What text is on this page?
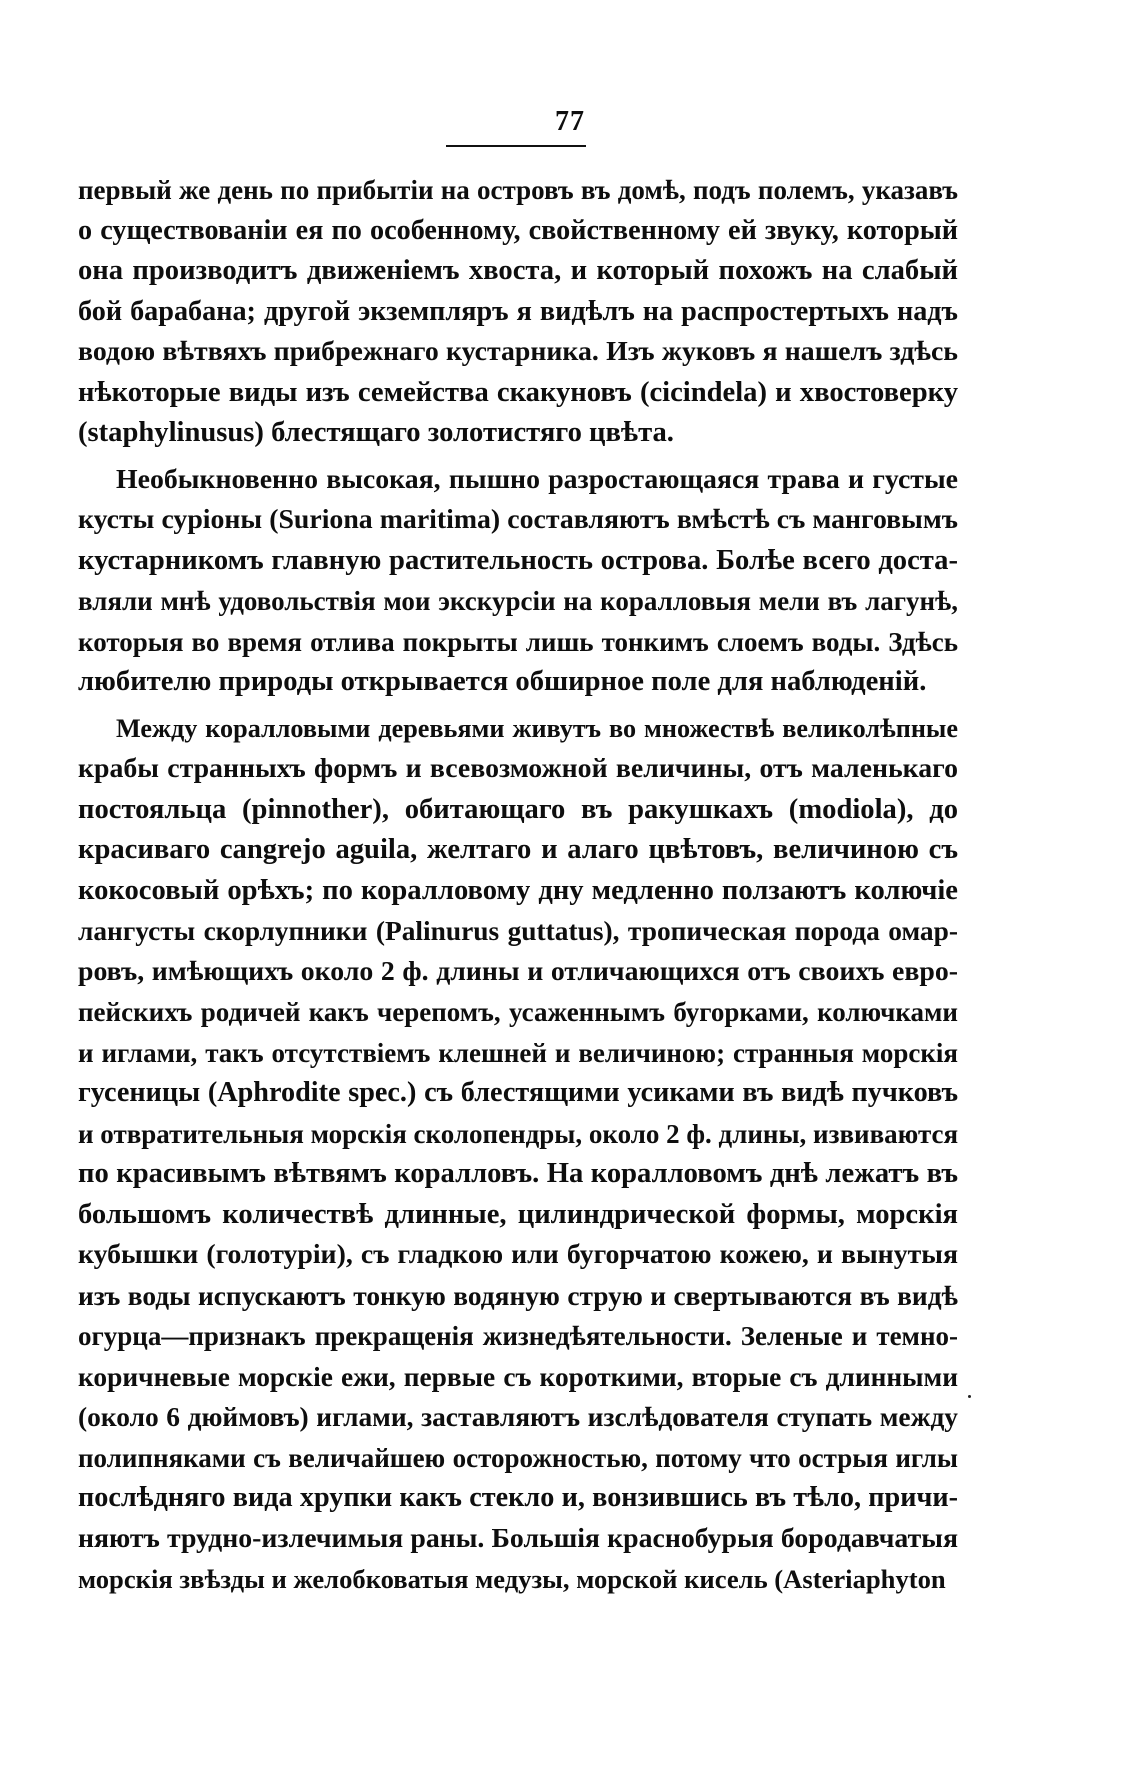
77
первый же день по прибытіи на островъ въ домѣ, подъ полемъ, указавъ
о существованіи ея по особенному, свойственному ей звуку, который
она производитъ движеніемъ хвоста, и который похожъ на слабый
бой барабана; другой экземпляръ я видѣлъ на распростертыхъ надъ
водою вѣтвяхъ прибрежнаго кустарника. Изъ жуковъ я нашелъ здѣсь
нѣкоторые виды изъ семейства скакуновъ (cicindela) и хвостоверку
(staphylinusus) блестящаго золотистяго цвѣта.
Необыкновенно высокая, пышно разростающаяся трава и густые
кусты суріоны (Suriona maritima) составляютъ вмѣстѣ съ манговымъ
кустарникомъ главную растительность острова. Болѣе всего доста-
вляли мнѣ удовольствія мои экскурсіи на коралловыя мели въ лагунѣ,
которыя во время отлива покрыты лишь тонкимъ слоемъ воды. Здѣсь
любителю природы открывается обширное поле для наблюденій.
Между коралловыми деревьями живутъ во множествѣ великолѣпные
крабы странныхъ формъ и всевозможной величины, отъ маленькаго
постояльца (pinnother), обитающаго въ ракушкахъ (modiola), до
красиваго cangrejo aguila, желтаго и алаго цвѣтовъ, величиною съ
кокосовый орѣхъ; по коралловому дну медленно ползаютъ колючіе
лангусты скорлупники (Palinurus guttatus), тропическая порода омар-
ровъ, имѣющихъ около 2 ф. длины и отличающихся отъ своихъ евро-
пейскихъ родичей какъ черепомъ, усаженнымъ бугорками, колючками
и иглами, такъ отсутствіемъ клешней и величиною; странныя морскія
гусеницы (Aphrodite spec.) съ блестящими усиками въ видѣ пучковъ
и отвратительныя морскія сколопендры, около 2 ф. длины, извиваются
по красивымъ вѣтвямъ коралловъ. На коралловомъ днѣ лежатъ въ
большомъ количествѣ длинные, цилиндрической формы, морскія
кубышки (голотуріи), съ гладкою или бугорчатою кожею, и вынутыя
изъ воды испускаютъ тонкую водяную струю и свертываются въ видѣ
огурца—признакъ прекращенія жизнедѣятельности. Зеленые и темно-
коричневые морскіе ежи, первые съ короткими, вторые съ длинными
(около 6 дюймовъ) иглами, заставляютъ изслѣдователя ступать между
полипняками съ величайшею осторожностью, потому что острыя иглы
послѣдняго вида хрупки какъ стекло и, вонзившись въ тѣло, причи-
няютъ трудно-излечимыя раны. Большія краснобурыя бородавчатыя
морскія звѣзды и желобковатыя медузы, морской кисель (Asteriaphyton
